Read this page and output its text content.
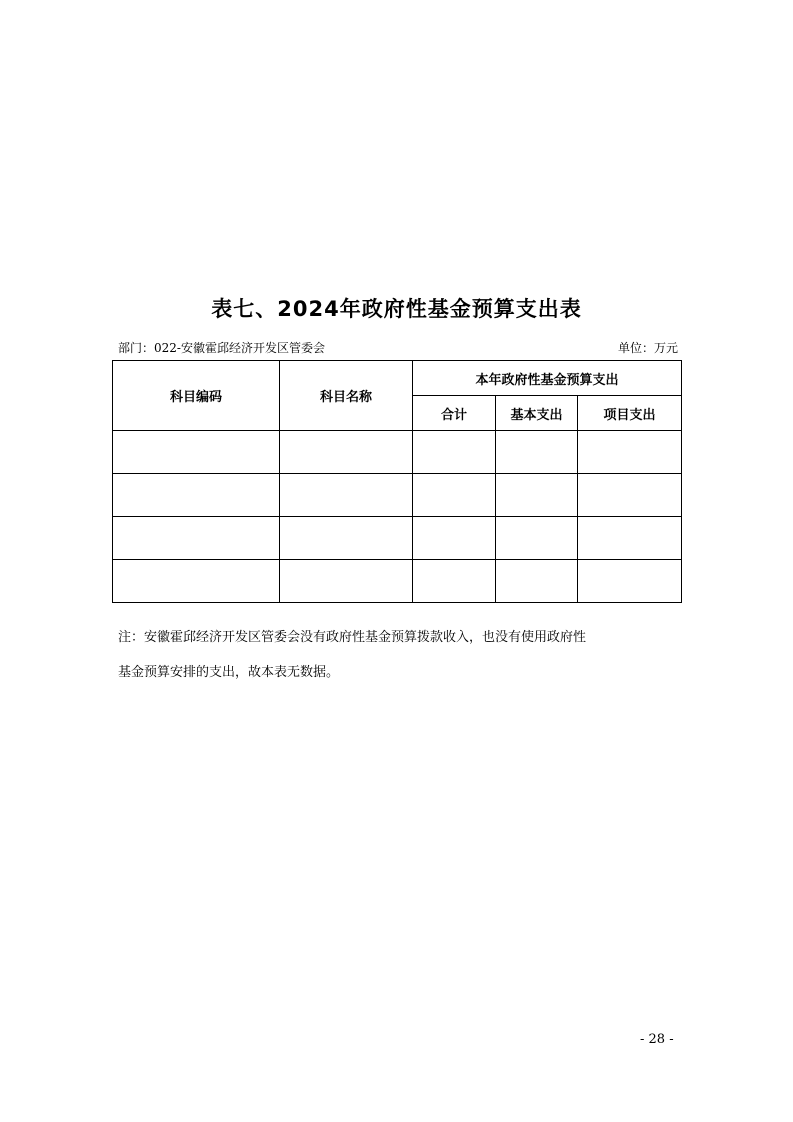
表七、2024年政府性基金预算支出表
部门：022-安徽霍邱经济开发区管委会	单位：万元
科目编码	科目名称	本年政府性基金预算支出		
		合计	基本支出	项目支出

注：安徽霍邱经济开发区管委会没有政府性基金预算拨款收入，也没有使用政府性
基金预算安排的支出，故本表无数据。
- 28 -
